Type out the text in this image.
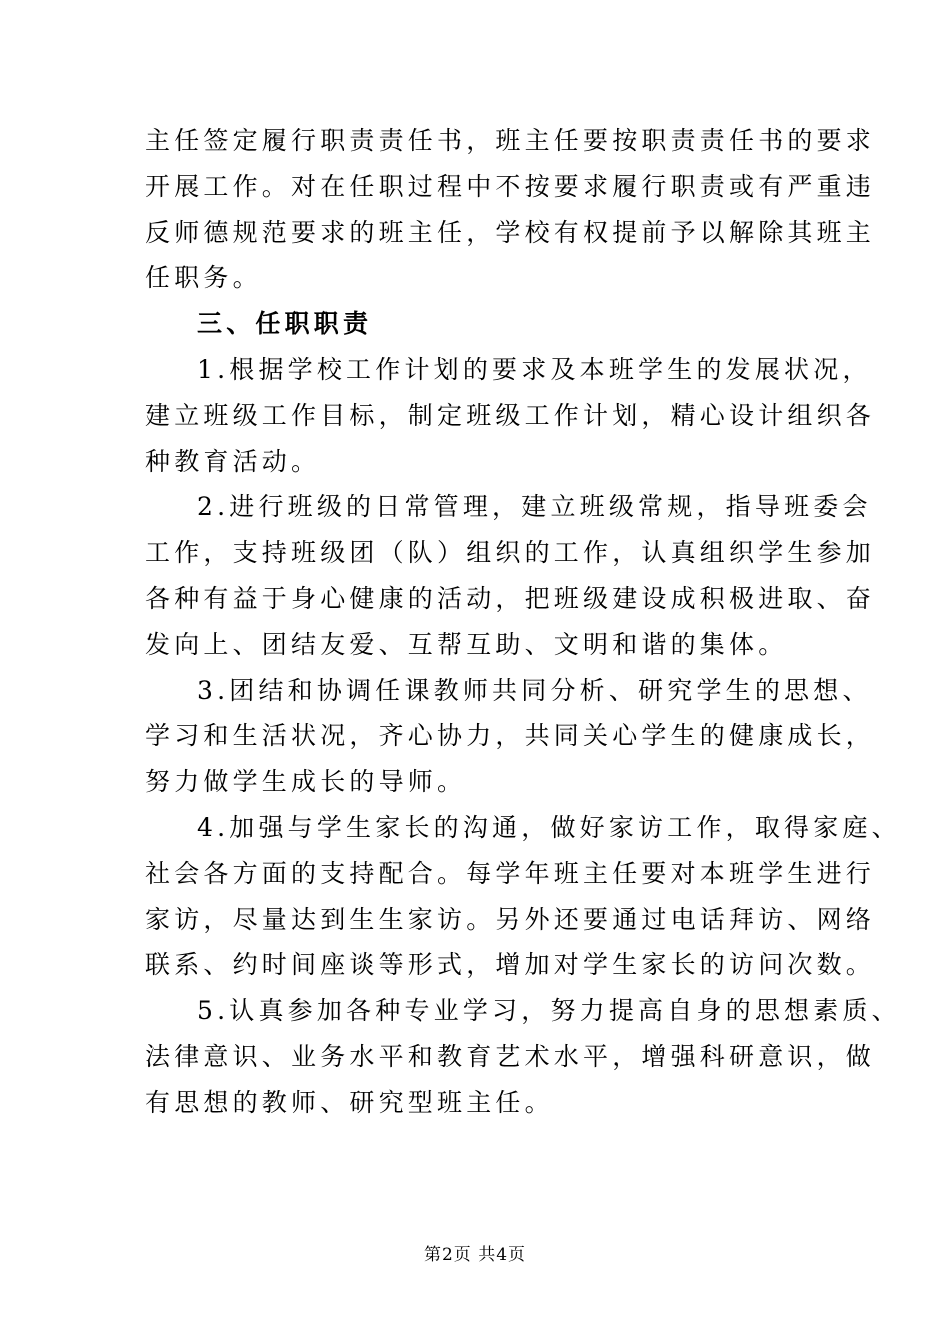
主任签定履行职责责任书，班主任要按职责责任书的要求
开展工作。对在任职过程中不按要求履行职责或有严重违
反师德规范要求的班主任，学校有权提前予以解除其班主
任职务。
三、任职职责
1.根据学校工作计划的要求及本班学生的发展状况，
建立班级工作目标，制定班级工作计划，精心设计组织各
种教育活动。
2.进行班级的日常管理，建立班级常规，指导班委会
工作，支持班级团（队）组织的工作，认真组织学生参加
各种有益于身心健康的活动，把班级建设成积极进取、奋
发向上、团结友爱、互帮互助、文明和谐的集体。
3.团结和协调任课教师共同分析、研究学生的思想、
学习和生活状况，齐心协力，共同关心学生的健康成长，
努力做学生成长的导师。
4.加强与学生家长的沟通，做好家访工作，取得家庭、
社会各方面的支持配合。每学年班主任要对本班学生进行
家访，尽量达到生生家访。另外还要通过电话拜访、网络
联系、约时间座谈等形式，增加对学生家长的访问次数。
5.认真参加各种专业学习，努力提高自身的思想素质、
法律意识、业务水平和教育艺术水平，增强科研意识，做
有思想的教师、研究型班主任。
第2页 共4页
